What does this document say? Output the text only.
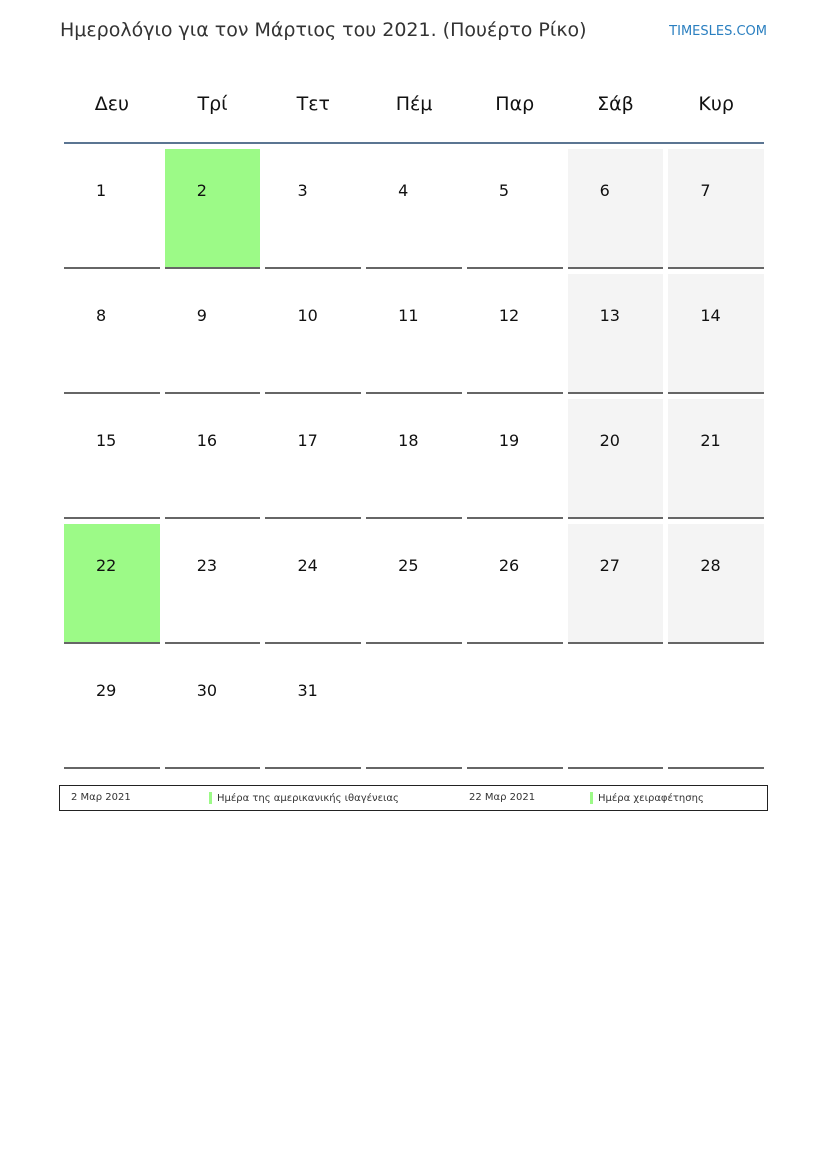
Ημερολόγιο για τον Μάρτιος του 2021. (Πουέρτο Ρίκο)	TIMESLES.COM
Δευ	Τρί	Τετ	Πέμ	Παρ	Σάβ	Κυρ
1	2	3	4	5	6	7
8	9	10	11	12	13	14
15	16	17	18	19	20	21
22	23	24	25	26	27	28
29	30	31
2 Μαρ 2021	Ημέρα της αμερικανικής ιθαγένειας	22 Μαρ 2021	Ημέρα χειραφέτησης
